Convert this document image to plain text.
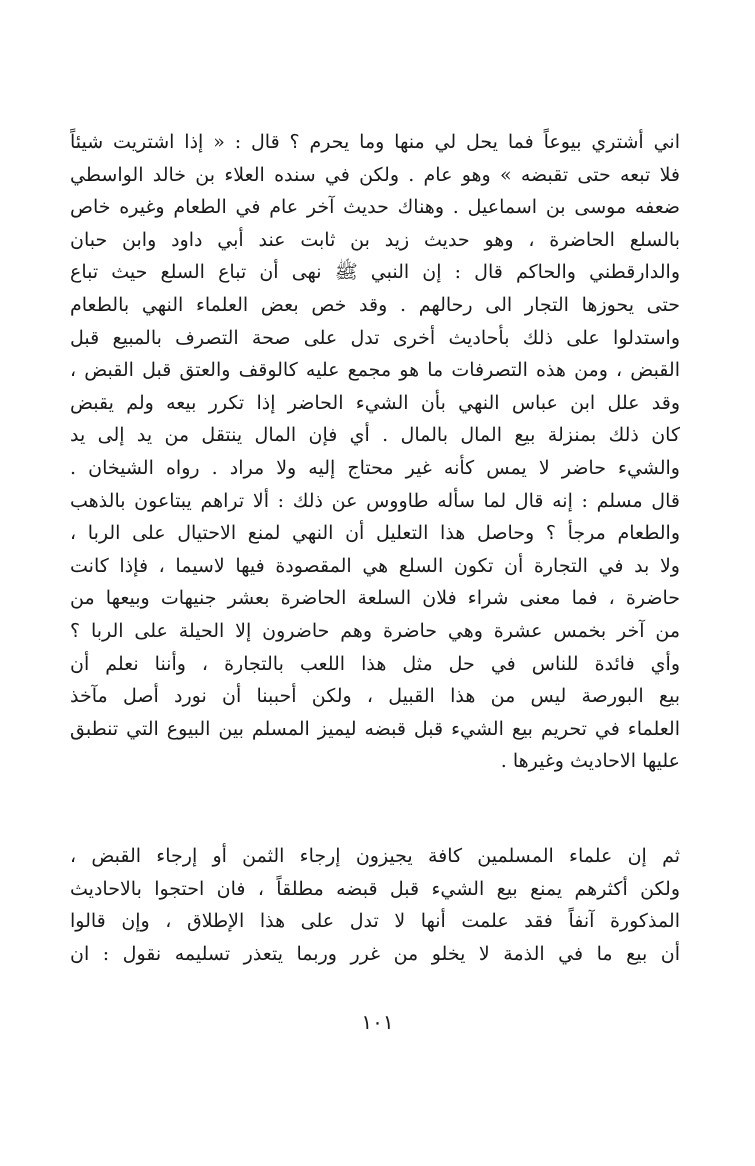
اني أشتري بيوعاً فما يحل لي منها وما يحرم ؟ قال : « إذا اشتريت شيئاً
فلا تبعه حتى تقبضه » وهو عام . ولكن في سنده العلاء بن خالد الواسطي
ضعفه موسى بن اسماعيل . وهناك حديث آخر عام في الطعام وغيره خاص
بالسلع الحاضرة ، وهو حديث زيد بن ثابت عند أبي داود وابن حبان
والدارقطني والحاكم قال : إن النبي ﷺ نهى أن تباع السلع حيث تباع
حتى يحوزها التجار الى رحالهم . وقد خص بعض العلماء النهي بالطعام
واستدلوا على ذلك بأحاديث أخرى تدل على صحة التصرف بالمبيع قبل
القبض ، ومن هذه التصرفات ما هو مجمع عليه كالوقف والعتق قبل القبض ،
وقد علل ابن عباس النهي بأن الشيء الحاضر إذا تكرر بيعه ولم يقبض
كان ذلك بمنزلة بيع المال بالمال . أي فإن المال ينتقل من يد إلى يد
والشيء حاضر لا يمس كأنه غير محتاج إليه ولا مراد . رواه الشيخان .
قال مسلم : إنه قال لما سأله طاووس عن ذلك : ألا تراهم يبتاعون بالذهب
والطعام مرجأ ؟ وحاصل هذا التعليل أن النهي لمنع الاحتيال على الربا ،
ولا بد في التجارة أن تكون السلع هي المقصودة فيها لاسيما ، فإذا كانت
حاضرة ، فما معنى شراء فلان السلعة الحاضرة بعشر جنيهات وبيعها من
من آخر بخمس عشرة وهي حاضرة وهم حاضرون إلا الحيلة على الربا ؟
وأي فائدة للناس في حل مثل هذا اللعب بالتجارة ، وأننا نعلم أن
بيع البورصة ليس من هذا القبيل ، ولكن أحببنا أن نورد أصل مآخذ
العلماء في تحريم بيع الشيء قبل قبضه ليميز المسلم بين البيوع التي تنطبق
عليها الاحاديث وغيرها .
ثم إن علماء المسلمين كافة يجيزون إرجاء الثمن أو إرجاء القبض ،
ولكن أكثرهم يمنع بيع الشيء قبل قبضه مطلقاً ، فان احتجوا بالاحاديث
المذكورة آنفاً فقد علمت أنها لا تدل على هذا الإطلاق ، وإن قالوا
أن بيع ما في الذمة لا يخلو من غرر وربما يتعذر تسليمه نقول : ان
١٠١
